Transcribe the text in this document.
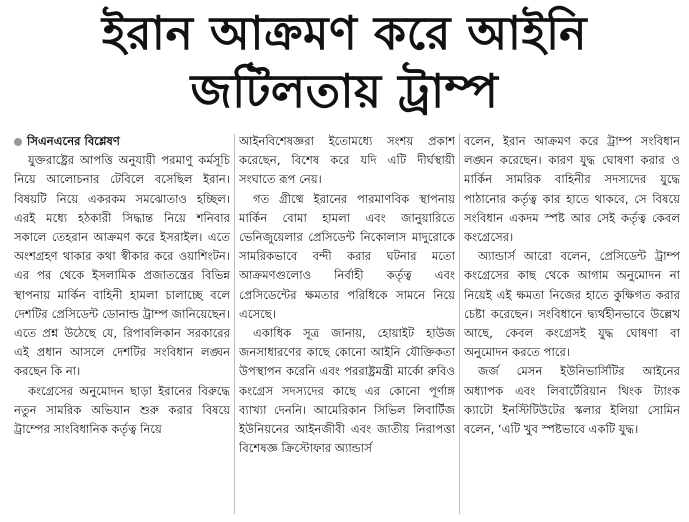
ইরান আক্রমণ করে আইনি
জটিলতায় ট্রাম্প

সিএনএনের বিশ্লেষণ

যুক্তরাষ্ট্রের আপত্তি অনুযায়ী পরমাণু কর্মসূচি নিয়ে আলোচনার টেবিলে বসেছিল ইরান। বিষয়টি নিয়ে একরকম সমঝোতাও হচ্ছিল। এরই মধ্যে হঠকারী সিদ্ধান্ত নিয়ে শনিবার সকালে তেহরান আক্রমণ করে ইসরাইল। এতে অংশগ্রহণ থাকার কথা স্বীকার করে ওয়াশিংটন। এর পর থেকে ইসলামিক প্রজাতন্ত্রের বিভিন্ন স্থাপনায় মার্কিন বাহিনী হামলা চালাচ্ছে বলে দেশটির প্রেসিডেন্ট ডোনাল্ড ট্রাম্প জানিয়েছেন। এতে প্রশ্ন উঠেছে যে, রিপাবলিকান সরকারের এই প্রধান আসলে দেশটির সংবিধান লঙ্ঘন করছেন কি না।

কংগ্রেসের অনুমোদন ছাড়া ইরানের বিরুদ্ধে নতুন সামরিক অভিযান শুরু করার বিষয়ে ট্রাম্পের সাংবিধানিক কর্তৃত্ব নিয়ে

আইনবিশেষজ্ঞরা ইতোমধ্যে সংশয় প্রকাশ করেছেন, বিশেষ করে যদি এটি দীর্ঘস্থায়ী সংঘাতে রূপ নেয়।

গত গ্রীষ্মে ইরানের পারমাণবিক স্থাপনায় মার্কিন বোমা হামলা এবং জানুয়ারিতে ভেনিজুয়েলার প্রেসিডেন্ট নিকোলাস মাদুরোকে সামরিকভাবে বন্দী করার ঘটনার মতো আক্রমণগুলোও নির্বাহী কর্তৃত্ব এবং প্রেসিডেন্টের ক্ষমতার পরিধিকে সামনে নিয়ে এসেছে।

একাধিক সূত্র জানায়, হোয়াইট হাউজ জনসাধারণের কাছে কোনো আইনি যৌক্তিকতা উপস্থাপন করেনি এবং পররাষ্ট্রমন্ত্রী মার্কো রুবিও কংগ্রেস সদস্যদের কাছে এর কোনো পূর্ণাঙ্গ ব্যাখ্যা দেননি। আমেরিকান সিভিল লিবার্টিজ ইউনিয়নের আইনজীবী এবং জাতীয় নিরাপত্তা বিশেষজ্ঞ ক্রিস্টোফার অ্যান্ডার্স

বলেন, ইরান আক্রমণ করে ট্রাম্প সংবিধান লঙ্ঘন করেছেন। কারণ যুদ্ধ ঘোষণা করার ও মার্কিন সামরিক বাহিনীর সদস্যদের যুদ্ধে পাঠানোর কর্তৃত্ব কার হাতে থাকবে, সে বিষয়ে সংবিধান একদম স্পষ্ট আর সেই কর্তৃত্ব কেবল কংগ্রেসের।

অ্যান্ডার্স আরো বলেন, প্রেসিডেন্ট ট্রাম্প কংগ্রেসের কাছ থেকে আগাম অনুমোদন না নিয়েই এই ক্ষমতা নিজের হাতে কুক্ষিগত করার চেষ্টা করেছেন। সংবিধানে দ্ব্যর্থহীনভাবে উল্লেখ আছে, কেবল কংগ্রেসই যুদ্ধ ঘোষণা বা অনুমোদন করতে পারে।

জর্জ মেসন ইউনিভার্সিটির আইনের অধ্যাপক এবং লিবার্টেরিয়ান থিংক ট্যাংক ক্যাটো ইনস্টিটিউটের স্কলার ইলিয়া সোমিন বলেন, ‘এটি খুব স্পষ্টভাবে একটি যুদ্ধ।
